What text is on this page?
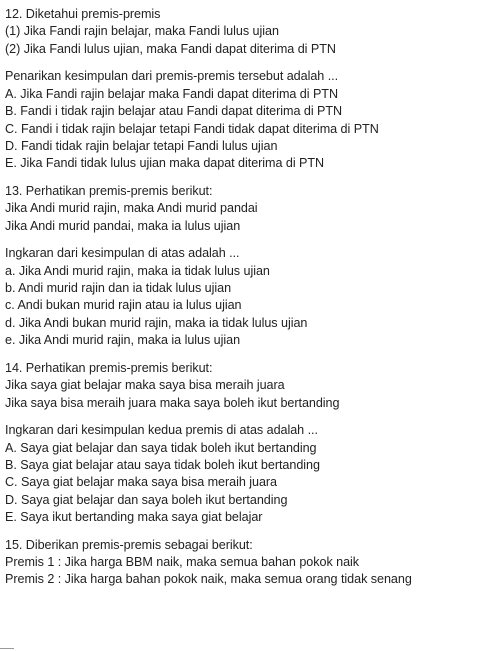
12. Diketahui premis-premis
(1) Jika Fandi rajin belajar, maka Fandi lulus ujian
(2) Jika Fandi lulus ujian, maka Fandi dapat diterima di PTN
Penarikan kesimpulan dari premis-premis tersebut adalah ...
A. Jika Fandi rajin belajar maka Fandi dapat diterima di PTN
B. Fandi i tidak rajin belajar atau Fandi dapat diterima di PTN
C. Fandi i tidak rajin belajar tetapi Fandi tidak dapat diterima di PTN
D. Fandi tidak rajin belajar tetapi Fandi lulus ujian
E. Jika Fandi tidak lulus ujian maka dapat diterima di PTN
13. Perhatikan premis-premis berikut:
Jika Andi murid rajin, maka Andi murid pandai
Jika Andi murid pandai, maka ia lulus ujian
Ingkaran dari kesimpulan di atas adalah ...
a. Jika Andi murid rajin, maka ia tidak lulus ujian
b. Andi murid rajin dan ia tidak lulus ujian
c. Andi bukan murid rajin atau ia lulus ujian
d. Jika Andi bukan murid rajin, maka ia tidak lulus ujian
e. Jika Andi murid rajin, maka ia lulus ujian
14. Perhatikan premis-premis berikut:
Jika saya giat belajar maka saya bisa meraih juara
Jika saya bisa meraih juara maka saya boleh ikut bertanding
Ingkaran dari kesimpulan kedua premis di atas adalah ...
A. Saya giat belajar dan saya tidak boleh ikut bertanding
B. Saya giat belajar atau saya tidak boleh ikut bertanding
C. Saya giat belajar maka saya bisa meraih juara
D. Saya giat belajar dan saya boleh ikut bertanding
E. Saya ikut bertanding maka saya giat belajar
15. Diberikan premis-premis sebagai berikut:
Premis 1 : Jika harga BBM naik, maka semua bahan pokok naik
Premis 2 : Jika harga bahan pokok naik, maka semua orang tidak senang
